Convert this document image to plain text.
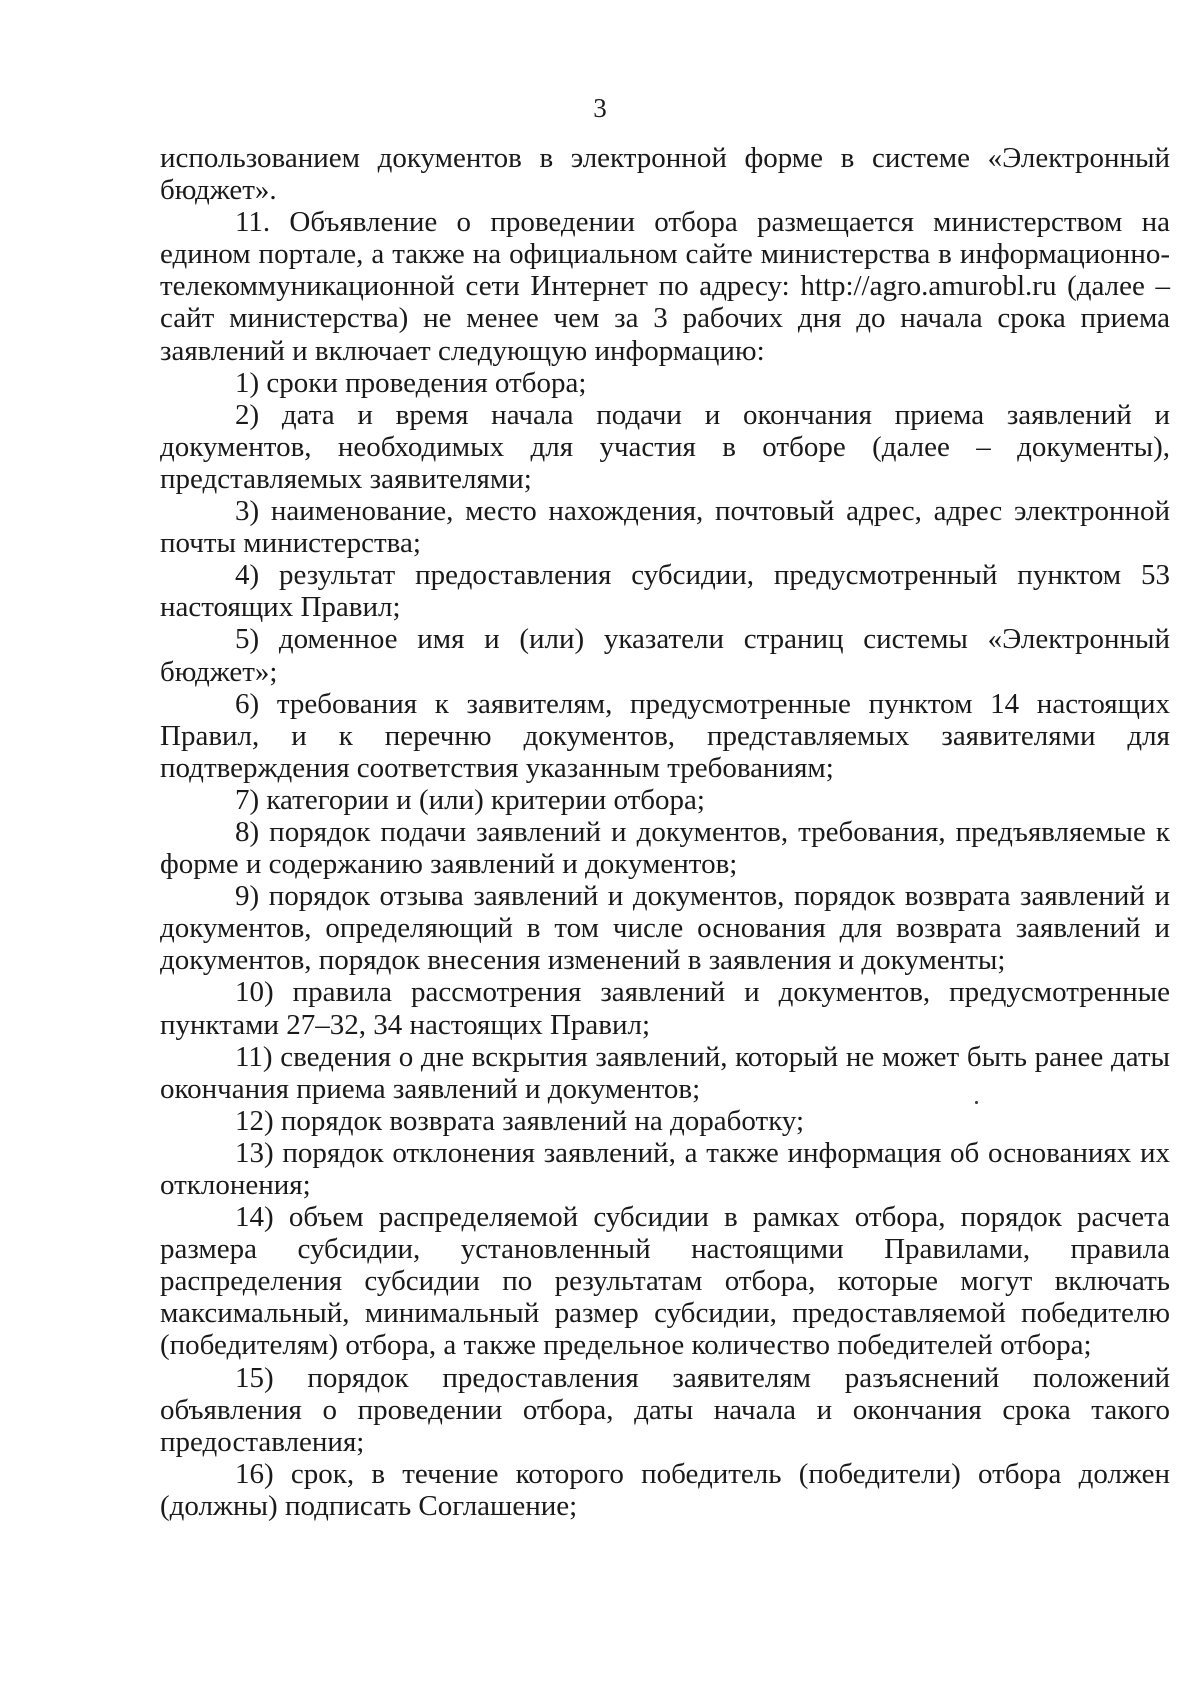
3

использованием документов в электронной форме в системе «Электронный бюджет».

11. Объявление о проведении отбора размещается министерством на едином портале, а также на официальном сайте министерства в информационно-телекоммуникационной сети Интернет по адресу: http://agro.amurobl.ru (далее – сайт министерства) не менее чем за 3 рабочих дня до начала срока приема заявлений и включает следующую информацию:

1) сроки проведения отбора;

2) дата и время начала подачи и окончания приема заявлений и документов, необходимых для участия в отборе (далее – документы), представляемых заявителями;

3) наименование, место нахождения, почтовый адрес, адрес электронной почты министерства;

4) результат предоставления субсидии, предусмотренный пунктом 53 настоящих Правил;

5) доменное имя и (или) указатели страниц системы «Электронный бюджет»;

6) требования к заявителям, предусмотренные пунктом 14 настоящих Правил, и к перечню документов, представляемых заявителями для подтверждения соответствия указанным требованиям;

7) категории и (или) критерии отбора;

8) порядок подачи заявлений и документов, требования, предъявляемые к форме и содержанию заявлений и документов;

9) порядок отзыва заявлений и документов, порядок возврата заявлений и документов, определяющий в том числе основания для возврата заявлений и документов, порядок внесения изменений в заявления и документы;

10) правила рассмотрения заявлений и документов, предусмотренные пунктами 27–32, 34 настоящих Правил;

11) сведения о дне вскрытия заявлений, который не может быть ранее даты окончания приема заявлений и документов;

12) порядок возврата заявлений на доработку;

13) порядок отклонения заявлений, а также информация об основаниях их отклонения;

14) объем распределяемой субсидии в рамках отбора, порядок расчета размера субсидии, установленный настоящими Правилами, правила распределения субсидии по результатам отбора, которые могут включать максимальный, минимальный размер субсидии, предоставляемой победителю (победителям) отбора, а также предельное количество победителей отбора;

15) порядок предоставления заявителям разъяснений положений объявления о проведении отбора, даты начала и окончания срока такого предоставления;

16) срок, в течение которого победитель (победители) отбора должен (должны) подписать Соглашение;
